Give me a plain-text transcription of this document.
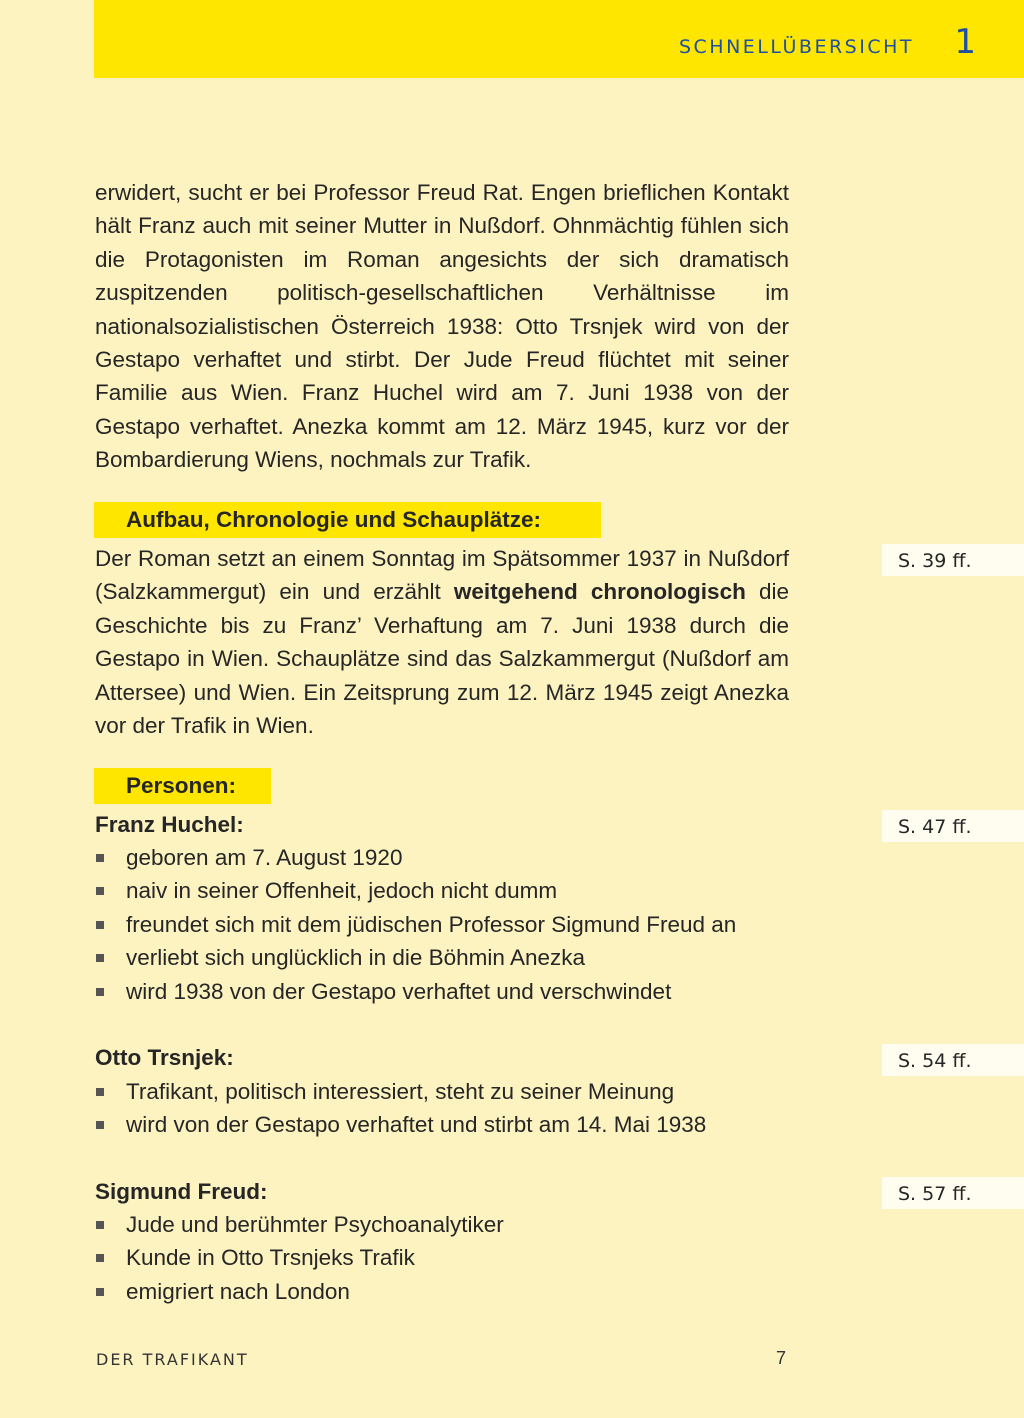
SCHNELLÜBERSICHT 1

erwidert, sucht er bei Professor Freud Rat. Engen brieflichen Kontakt hält Franz auch mit seiner Mutter in Nußdorf. Ohnmächtig fühlen sich die Protagonisten im Roman angesichts der sich dramatisch zuspitzenden politisch-gesellschaftlichen Verhältnisse im nationalsozialistischen Österreich 1938: Otto Trsnjek wird von der Gestapo verhaftet und stirbt. Der Jude Freud flüchtet mit seiner Familie aus Wien. Franz Huchel wird am 7. Juni 1938 von der Gestapo verhaftet. Anezka kommt am 12. März 1945, kurz vor der Bombardierung Wiens, nochmals zur Trafik.

Aufbau, Chronologie und Schauplätze:
S. 39 ff.

Der Roman setzt an einem Sonntag im Spätsommer 1937 in Nußdorf (Salzkammergut) ein und erzählt weitgehend chronologisch die Geschichte bis zu Franz’ Verhaftung am 7. Juni 1938 durch die Gestapo in Wien. Schauplätze sind das Salzkammergut (Nußdorf am Attersee) und Wien. Ein Zeitsprung zum 12. März 1945 zeigt Anezka vor der Trafik in Wien.

Personen:
Franz Huchel:	S. 47 ff.
geboren am 7. August 1920
naiv in seiner Offenheit, jedoch nicht dumm
freundet sich mit dem jüdischen Professor Sigmund Freud an
verliebt sich unglücklich in die Böhmin Anezka
wird 1938 von der Gestapo verhaftet und verschwindet
Otto Trsnjek:	S. 54 ff.
Trafikant, politisch interessiert, steht zu seiner Meinung
wird von der Gestapo verhaftet und stirbt am 14. Mai 1938
Sigmund Freud:	S. 57 ff.
Jude und berühmter Psychoanalytiker
Kunde in Otto Trsnjeks Trafik
emigriert nach London
DER TRAFIKANT	7
